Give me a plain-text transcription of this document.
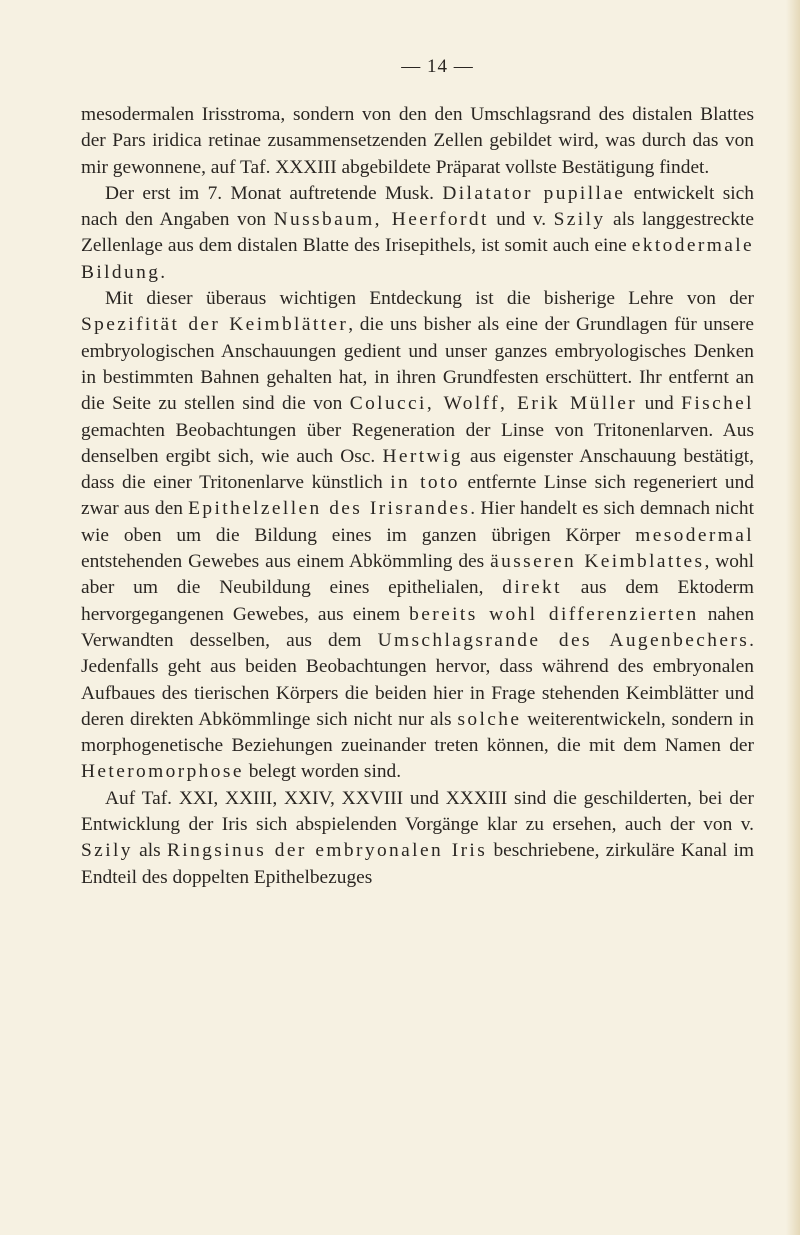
— 14 —

mesodermalen Irisstroma, sondern von den den Umschlagsrand des distalen Blattes der Pars iridica retinae zusammensetzenden Zellen gebildet wird, was durch das von mir gewonnene, auf Taf. XXXIII abgebildete Präparat vollste Bestätigung findet.

Der erst im 7. Monat auftretende Musk. Dilatator pupillae entwickelt sich nach den Angaben von Nussbaum, Heerfordt und v. Szily als langgestreckte Zellenlage aus dem distalen Blatte des Irisepithels, ist somit auch eine ektodermale Bildung.

Mit dieser überaus wichtigen Entdeckung ist die bisherige Lehre von der Spezifität der Keimblätter, die uns bisher als eine der Grundlagen für unsere embryologischen Anschauungen gedient und unser ganzes embryologisches Denken in bestimmten Bahnen gehalten hat, in ihren Grundfesten erschüttert. Ihr entfernt an die Seite zu stellen sind die von Colucci, Wolff, Erik Müller und Fischel gemachten Beobachtungen über Regeneration der Linse von Tritonenlarven. Aus denselben ergibt sich, wie auch Osc. Hertwig aus eigenster Anschauung bestätigt, dass die einer Tritonenlarve künstlich in toto entfernte Linse sich regeneriert und zwar aus den Epithelzellen des Irisrandes. Hier handelt es sich demnach nicht wie oben um die Bildung eines im ganzen übrigen Körper mesodermal entstehenden Gewebes aus einem Abkömmling des äusseren Keimblattes, wohl aber um die Neubildung eines epithelialen, direkt aus dem Ektoderm hervorgegangenen Gewebes, aus einem bereits wohl differenzierten nahen Verwandten desselben, aus dem Umschlagsrande des Augenbechers. Jedenfalls geht aus beiden Beobachtungen hervor, dass während des embryonalen Aufbaues des tierischen Körpers die beiden hier in Frage stehenden Keimblätter und deren direkten Abkömmlinge sich nicht nur als solche weiterentwickeln, sondern in morphogenetische Beziehungen zueinander treten können, die mit dem Namen der Heteromorphose belegt worden sind.

Auf Taf. XXI, XXIII, XXIV, XXVIII und XXXIII sind die geschilderten, bei der Entwicklung der Iris sich abspielenden Vorgänge klar zu ersehen, auch der von v. Szily als Ringsinus der embryonalen Iris beschriebene, zirkuläre Kanal im Endteil des doppelten Epithelbezuges
